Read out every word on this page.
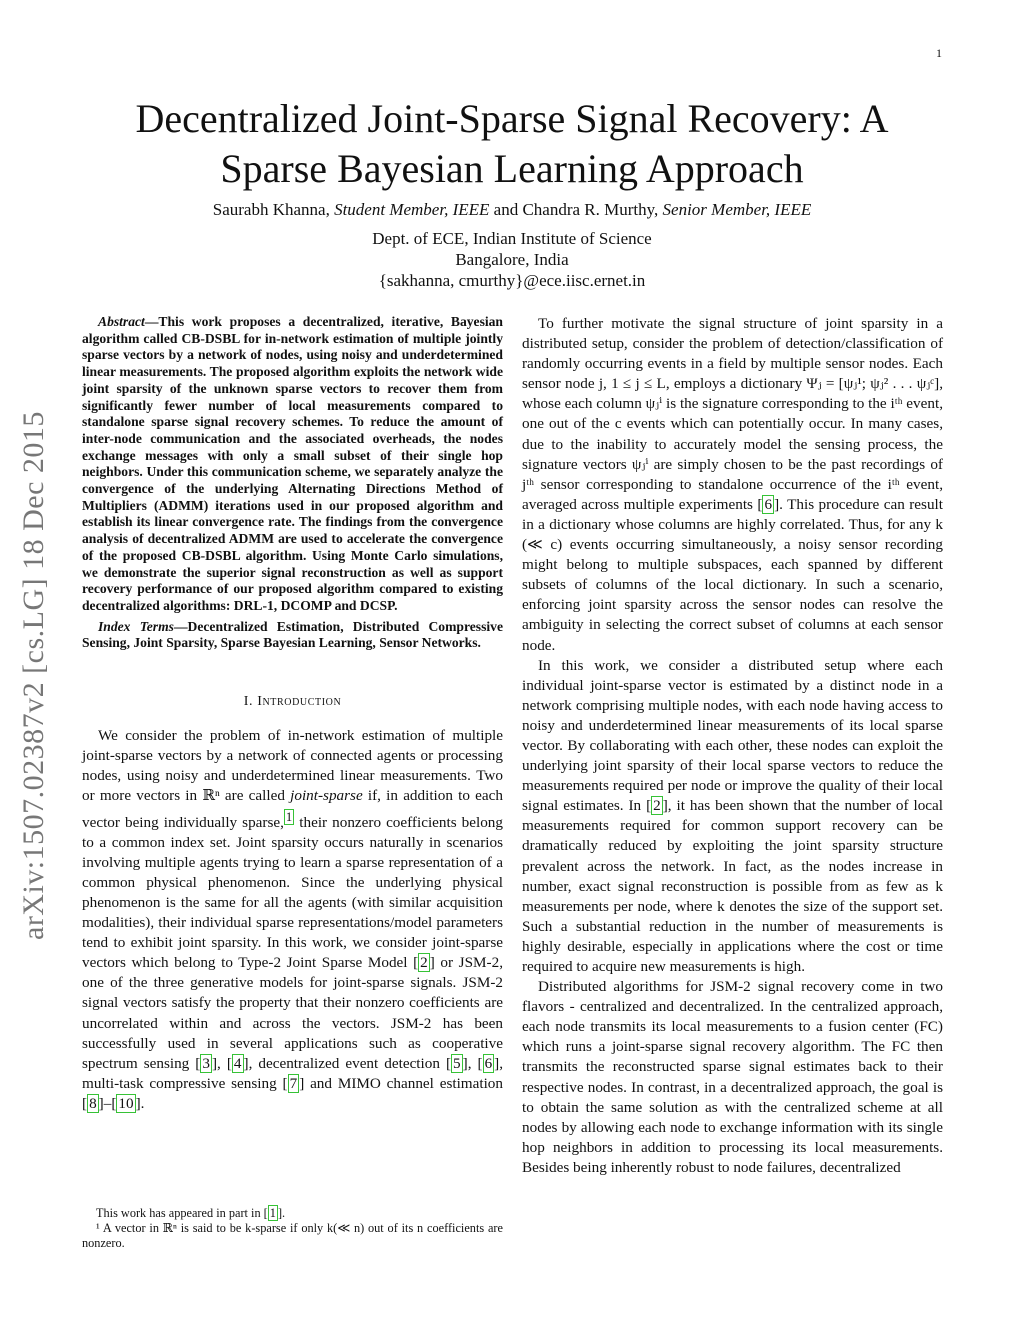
1
arXiv:1507.02387v2 [cs.LG] 18 Dec 2015
Decentralized Joint-Sparse Signal Recovery: A Sparse Bayesian Learning Approach
Saurabh Khanna, Student Member, IEEE and Chandra R. Murthy, Senior Member, IEEE
Dept. of ECE, Indian Institute of Science
Bangalore, India
{sakhanna, cmurthy}@ece.iisc.ernet.in

Abstract—This work proposes a decentralized, iterative, Bayesian algorithm called CB-DSBL for in-network estimation of multiple jointly sparse vectors by a network of nodes, using noisy and underdetermined linear measurements. The proposed algorithm exploits the network wide joint sparsity of the unknown sparse vectors to recover them from significantly fewer number of local measurements compared to standalone sparse signal recovery schemes. To reduce the amount of inter-node communication and the associated overheads, the nodes exchange messages with only a small subset of their single hop neighbors. Under this communication scheme, we separately analyze the convergence of the underlying Alternating Directions Method of Multipliers (ADMM) iterations used in our proposed algorithm and establish its linear convergence rate. The findings from the convergence analysis of decentralized ADMM are used to accelerate the convergence of the proposed CB-DSBL algorithm. Using Monte Carlo simulations, we demonstrate the superior signal reconstruction as well as support recovery performance of our proposed algorithm compared to existing decentralized algorithms: DRL-1, DCOMP and DCSP.

Index Terms—Decentralized Estimation, Distributed Compressive Sensing, Joint Sparsity, Sparse Bayesian Learning, Sensor Networks.

I. Introduction

We consider the problem of in-network estimation of multiple joint-sparse vectors by a network of connected agents or processing nodes, using noisy and underdetermined linear measurements. Two or more vectors in ℝⁿ are called joint-sparse if, in addition to each vector being individually sparse, $^1$ their nonzero coefficients belong to a common index set. Joint sparsity occurs naturally in scenarios involving multiple agents trying to learn a sparse representation of a common physical phenomenon. Since the underlying physical phenomenon is the same for all the agents (with similar acquisition modalities), their individual sparse representations/model parameters tend to exhibit joint sparsity. In this work, we consider joint-sparse vectors which belong to Type-2 Joint Sparse Model [ 2 ] or JSM-2, one of the three generative models for joint-sparse signals. JSM-2 signal vectors satisfy the property that their nonzero coefficients are uncorrelated within and across the vectors. JSM-2 has been successfully used in several applications such as cooperative spectrum sensing [ 3 ], [ 4 ], decentralized event detection [ 5 ], [ 6 ], multi-task compressive sensing [ 7 ] and MIMO channel estimation [ 8 ]–[ 10 ].

This work has appeared in part in [ 1 ].

¹ A vector in ℝⁿ is said to be k-sparse if only k(≪ n) out of its n coefficients are nonzero.

To further motivate the signal structure of joint sparsity in a distributed setup, consider the problem of detection/classification of randomly occurring events in a field by multiple sensor nodes. Each sensor node j, 1 ≤ j ≤ L, employs a dictionary Ψⱼ = [ψⱼ¹; ψⱼ² . . . ψⱼᶜ], whose each column ψⱼⁱ is the signature corresponding to the iᵗʰ event, one out of the c events which can potentially occur. In many cases, due to the inability to accurately model the sensing process, the signature vectors ψⱼⁱ are simply chosen to be the past recordings of jᵗʰ sensor corresponding to standalone occurrence of the iᵗʰ event, averaged across multiple experiments [ 6 ]. This procedure can result in a dictionary whose columns are highly correlated. Thus, for any k (≪ c) events occurring simultaneously, a noisy sensor recording might belong to multiple subspaces, each spanned by different subsets of columns of the local dictionary. In such a scenario, enforcing joint sparsity across the sensor nodes can resolve the ambiguity in selecting the correct subset of columns at each sensor node.

In this work, we consider a distributed setup where each individual joint-sparse vector is estimated by a distinct node in a network comprising multiple nodes, with each node having access to noisy and underdetermined linear measurements of its local sparse vector. By collaborating with each other, these nodes can exploit the underlying joint sparsity of their local sparse vectors to reduce the measurements required per node or improve the quality of their local signal estimates. In [ 2 ], it has been shown that the number of local measurements required for common support recovery can be dramatically reduced by exploiting the joint sparsity structure prevalent across the network. In fact, as the nodes increase in number, exact signal reconstruction is possible from as few as k measurements per node, where k denotes the size of the support set. Such a substantial reduction in the number of measurements is highly desirable, especially in applications where the cost or time required to acquire new measurements is high.

Distributed algorithms for JSM-2 signal recovery come in two flavors - centralized and decentralized. In the centralized approach, each node transmits its local measurements to a fusion center (FC) which runs a joint-sparse signal recovery algorithm. The FC then transmits the reconstructed sparse signal estimates back to their respective nodes. In contrast, in a decentralized approach, the goal is to obtain the same solution as with the centralized scheme at all nodes by allowing each node to exchange information with its single hop neighbors in addition to processing its local measurements. Besides being inherently robust to node failures, decentralized
